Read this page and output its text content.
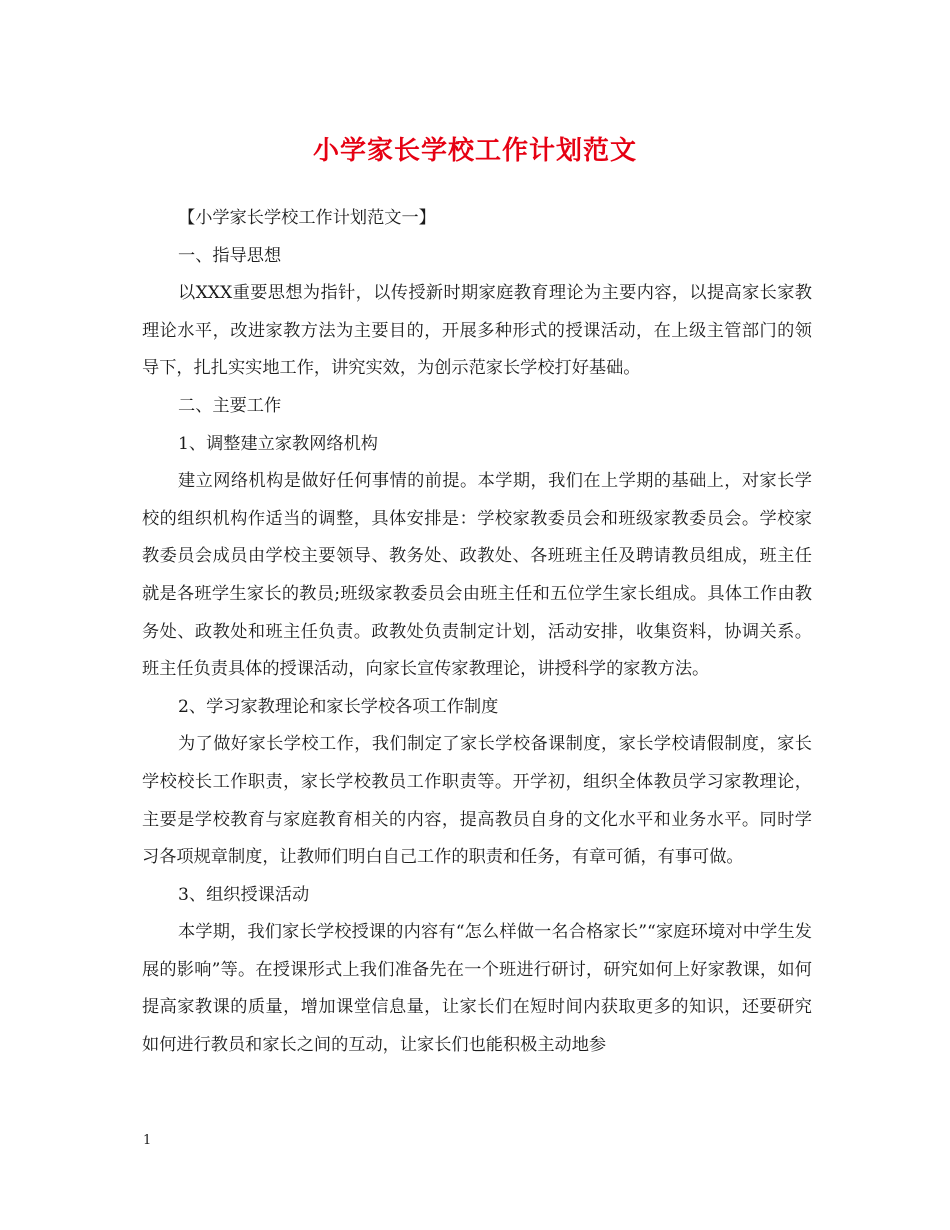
小学家长学校工作计划范文

【小学家长学校工作计划范文一】

一、指导思想

以XXX重要思想为指针，以传授新时期家庭教育理论为主要内容，以提高家长家教理论水平，改进家教方法为主要目的，开展多种形式的授课活动，在上级主管部门的领导下，扎扎实实地工作，讲究实效，为创示范家长学校打好基础。

二、主要工作

1、调整建立家教网络机构

建立网络机构是做好任何事情的前提。本学期，我们在上学期的基础上，对家长学校的组织机构作适当的调整，具体安排是：学校家教委员会和班级家教委员会。学校家教委员会成员由学校主要领导、教务处、政教处、各班班主任及聘请教员组成，班主任就是各班学生家长的教员;班级家教委员会由班主任和五位学生家长组成。具体工作由教务处、政教处和班主任负责。政教处负责制定计划，活动安排，收集资料，协调关系。班主任负责具体的授课活动，向家长宣传家教理论，讲授科学的家教方法。

2、学习家教理论和家长学校各项工作制度

为了做好家长学校工作，我们制定了家长学校备课制度，家长学校请假制度，家长学校校长工作职责，家长学校教员工作职责等。开学初，组织全体教员学习家教理论，主要是学校教育与家庭教育相关的内容，提高教员自身的文化水平和业务水平。同时学习各项规章制度，让教师们明白自己工作的职责和任务，有章可循，有事可做。

3、组织授课活动

本学期，我们家长学校授课的内容有“怎么样做一名合格家长”“家庭环境对中学生发展的影响”等。在授课形式上我们准备先在一个班进行研讨，研究如何上好家教课，如何提高家教课的质量，增加课堂信息量，让家长们在短时间内获取更多的知识，还要研究如何进行教员和家长之间的互动，让家长们也能积极主动地参

1
